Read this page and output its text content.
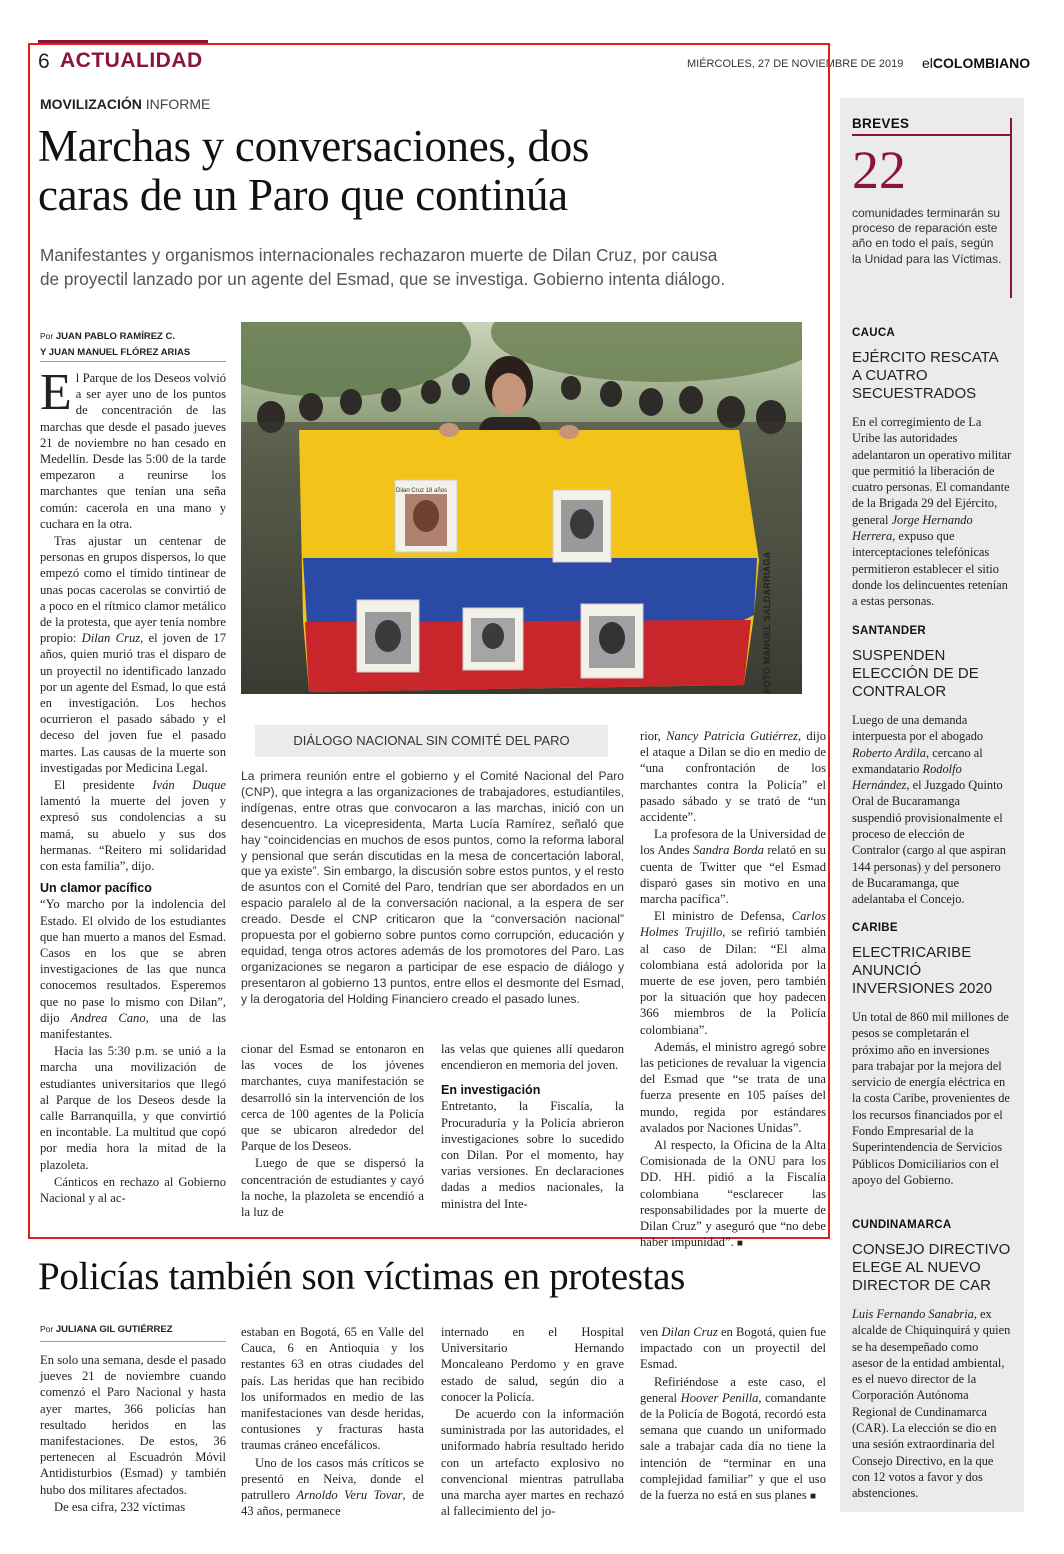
6 ACTUALIDAD	MIÉRCOLES, 27 DE NOVIEMBRE DE 2019 elCOLOMBIANO
MOVILIZACIÓN INFORME
Marchas y conversaciones, dos
caras de un Paro que continúa
Manifestantes y organismos internacionales rechazaron muerte de Dilan Cruz, por causa
de proyectil lanzado por un agente del Esmad, que se investiga. Gobierno intenta diálogo.
Por JUAN PABLO RAMÍREZ C.
Y JUAN MANUEL FLÓREZ ARIAS

El Parque de los Deseos volvió a ser ayer uno de los puntos de concentración de las marchas que desde el pasado jueves 21 de noviembre no han cesado en Medellín. Desde las 5:00 de la tarde empezaron a reunirse los marchantes que tenían una seña común: cacerola en una mano y cuchara en la otra.

Tras ajustar un centenar de personas en grupos dispersos, lo que empezó como el tímido tintinear de unas pocas cacerolas se convirtió de a poco en el rítmico clamor metálico de la protesta, que ayer tenía nombre propio: Dilan Cruz, el joven de 17 años, quien murió tras el disparo de un proyectil no identificado lanzado por un agente del Esmad, lo que está en investigación. Los hechos ocurrieron el pasado sábado y el deceso del joven fue el pasado martes. Las causas de la muerte son investigadas por Medicina Legal.

El presidente Iván Duque lamentó la muerte del joven y expresó sus condolencias a su mamá, su abuelo y sus dos hermanas. “Reitero mi solidaridad con esta familia”, dijo.

Un clamor pacífico

“Yo marcho por la indolencia del Estado. El olvido de los estudiantes que han muerto a manos del Esmad. Casos en los que se abren investigaciones de las que nunca conocemos resultados. Esperemos que no pase lo mismo con Dilan”, dijo Andrea Cano, una de las manifestantes.

Hacia las 5:30 p.m. se unió a la marcha una movilización de estudiantes universitarios que llegó al Parque de los Deseos desde la calle Barranquilla, y que convirtió en incontable. La multitud que copó por media hora la mitad de la plazoleta.

Cánticos en rechazo al Gobierno Nacional y al ac-

Dilan Cruz 18 años
FOTO MANUEL SALDARRIAGA
DIÁLOGO NACIONAL SIN COMITÉ DEL PARO
La primera reunión entre el gobierno y el Comité Nacional del Paro (CNP), que integra a las organizaciones de trabajadores, estudiantiles, indígenas, entre otras que convocaron a las marchas, inició con un desencuentro. La vicepresidenta, Marta Lucía Ramírez, señaló que hay “coincidencias en muchos de esos puntos, como la reforma laboral y pensional que serán discutidas en la mesa de concertación laboral, que ya existe”. Sin embargo, la discusión sobre estos puntos, y el resto de asuntos con el Comité del Paro, tendrían que ser abordados en un espacio paralelo al de la conversación nacional, a la espera de ser creado. Desde el CNP criticaron que la “conversación nacional” propuesta por el gobierno sobre puntos como corrupción, educación y equidad, tenga otros actores además de los promotores del Paro. Las organizaciones se negaron a participar de ese espacio de diálogo y presentaron al gobierno 13 puntos, entre ellos el desmonte del Esmad, y la derogatoria del Holding Financiero creado el pasado lunes.

cionar del Esmad se entonaron en las voces de los jóvenes marchantes, cuya manifestación se desarrolló sin la intervención de los cerca de 100 agentes de la Policía que se ubicaron alrededor del Parque de los Deseos.

Luego de que se dispersó la concentración de estudiantes y cayó la noche, la plazoleta se encendió a la luz de

las velas que quienes allí quedaron encendieron en memoria del joven.

En investigación

Entretanto, la Fiscalía, la Procuraduría y la Policía abrieron investigaciones sobre lo sucedido con Dilan. Por el momento, hay varias versiones. En declaraciones dadas a medios nacionales, la ministra del Inte-

rior, Nancy Patricia Gutiérrez, dijo el ataque a Dilan se dio en medio de “una confrontación de los marchantes contra la Policía” el pasado sábado y se trató de “un accidente”.

La profesora de la Universidad de los Andes Sandra Borda relató en su cuenta de Twitter que “el Esmad disparó gases sin motivo en una marcha pacífica”.

El ministro de Defensa, Carlos Holmes Trujillo, se refirió también al caso de Dilan: “El alma colombiana está adolorida por la muerte de ese joven, pero también por la situación que hoy padecen 366 miembros de la Policía colombiana”.

Además, el ministro agregó sobre las peticiones de revaluar la vigencia del Esmad que “se trata de una fuerza presente en 105 países del mundo, regida por estándares avalados por Naciones Unidas”.

Al respecto, la Oficina de la Alta Comisionada de la ONU para los DD. HH. pidió a la Fiscalía colombiana “esclarecer las responsabilidades por la muerte de Dilan Cruz” y aseguró que “no debe haber impunidad”. ■

Policías también son víctimas en protestas
Por JULIANA GIL GUTIÉRREZ

En solo una semana, desde el pasado jueves 21 de noviembre cuando comenzó el Paro Nacional y hasta ayer martes, 366 policías han resultado heridos en las manifestaciones. De estos, 36 pertenecen al Escuadrón Móvil Antidisturbios (Esmad) y también hubo dos militares afectados.

De esa cifra, 232 víctimas

estaban en Bogotá, 65 en Valle del Cauca, 6 en Antioquia y los restantes 63 en otras ciudades del país. Las heridas que han recibido los uniformados en medio de las manifestaciones van desde heridas, contusiones y fracturas hasta traumas cráneo encefálicos.

Uno de los casos más críticos se presentó en Neiva, donde el patrullero Arnoldo Veru Tovar, de 43 años, permanece

internado en el Hospital Universitario Hernando Moncaleano Perdomo y en grave estado de salud, según dio a conocer la Policía.

De acuerdo con la información suministrada por las autoridades, el uniformado habría resultado herido con un artefacto explosivo no convencional mientras patrullaba una marcha ayer martes en rechazó al fallecimiento del jo-

ven Dilan Cruz en Bogotá, quien fue impactado con un proyectil del Esmad.

Refiriéndose a este caso, el general Hoover Penilla, comandante de la Policía de Bogotá, recordó esta semana que cuando un uniformado sale a trabajar cada día no tiene la intención de “terminar en una complejidad familiar” y que el uso de la fuerza no está en sus planes ■

BREVES
22
comunidades terminarán su proceso de reparación este año en todo el país, según la Unidad para las Víctimas.
CAUCA
EJÉRCITO RESCATA A CUATRO SECUESTRADOS
En el corregimiento de La Uribe las autoridades adelantaron un operativo militar que permitió la liberación de cuatro personas. El comandante de la Brigada 29 del Ejército, general Jorge Hernando Herrera, expuso que interceptaciones telefónicas permitieron establecer el sitio donde los delincuentes retenían a estas personas.
SANTANDER
SUSPENDEN ELECCIÓN DE DE CONTRALOR
Luego de una demanda interpuesta por el abogado Roberto Ardila, cercano al exmandatario Rodolfo Hernández, el Juzgado Quinto Oral de Bucaramanga suspendió provisionalmente el proceso de elección de Contralor (cargo al que aspiran 144 personas) y del personero de Bucaramanga, que adelantaba el Concejo.
CARIBE
ELECTRICARIBE ANUNCIÓ INVERSIONES 2020
Un total de 860 mil millones de pesos se completarán el próximo año en inversiones para trabajar por la mejora del servicio de energía eléctrica en la costa Caribe, provenientes de los recursos financiados por el Fondo Empresarial de la Superintendencia de Servicios Públicos Domiciliarios con el apoyo del Gobierno.
CUNDINAMARCA
CONSEJO DIRECTIVO ELEGE AL NUEVO DIRECTOR DE CAR
Luis Fernando Sanabria, ex alcalde de Chiquinquirá y quien se ha desempeñado como asesor de la entidad ambiental, es el nuevo director de la Corporación Autónoma Regional de Cundinamarca (CAR). La elección se dio en una sesión extraordinaria del Consejo Directivo, en la que con 12 votos a favor y dos abstenciones.
